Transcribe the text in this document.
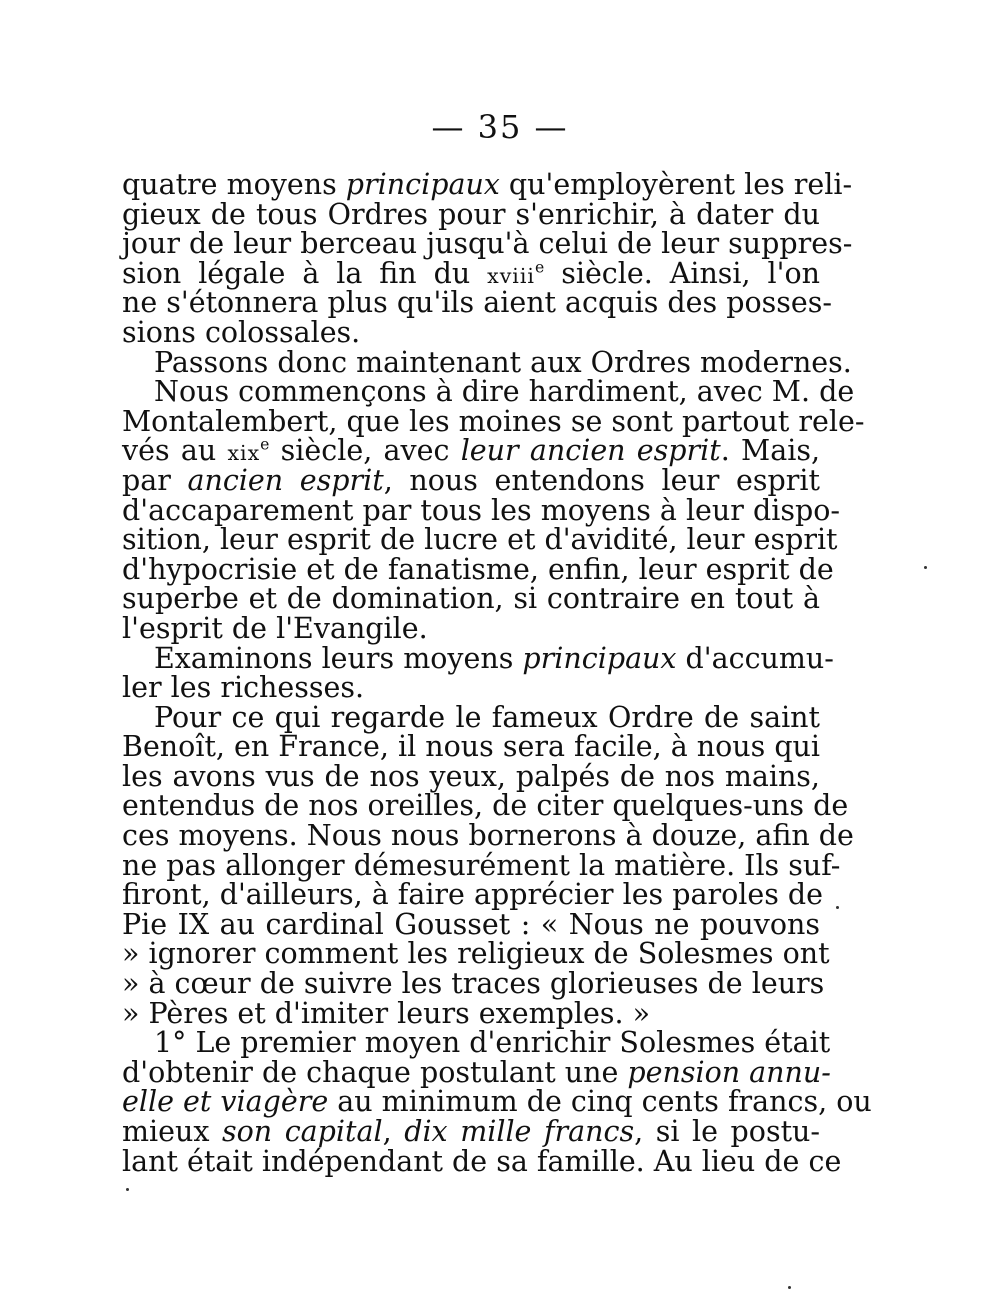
— 35 —
quatre moyens principaux qu'employèrent les reli-
gieux de tous Ordres pour s'enrichir, à dater du
jour de leur berceau jusqu'à celui de leur suppres-
sion légale à la fin du xviii$^e$ siècle. Ainsi, l'on
ne s'étonnera plus qu'ils aient acquis des posses-
sions colossales.
Passons donc maintenant aux Ordres modernes.
Nous commençons à dire hardiment, avec M. de
Montalembert, que les moines se sont partout rele-
vés au xix$^e$ siècle, avec leur ancien esprit. Mais,
par ancien esprit, nous entendons leur esprit
d'accaparement par tous les moyens à leur dispo-
sition, leur esprit de lucre et d'avidité, leur esprit
d'hypocrisie et de fanatisme, enfin, leur esprit de
superbe et de domination, si contraire en tout à
l'esprit de l'Evangile.
Examinons leurs moyens principaux d'accumu-
ler les richesses.
Pour ce qui regarde le fameux Ordre de saint
Benoît, en France, il nous sera facile, à nous qui
les avons vus de nos yeux, palpés de nos mains,
entendus de nos oreilles, de citer quelques-uns de
ces moyens. Nous nous bornerons à douze, afin de
ne pas allonger démesurément la matière. Ils suf-
firont, d'ailleurs, à faire apprécier les paroles de
Pie IX au cardinal Gousset : « Nous ne pouvons
» ignorer comment les religieux de Solesmes ont
» à cœur de suivre les traces glorieuses de leurs
» Pères et d'imiter leurs exemples. »
1° Le premier moyen d'enrichir Solesmes était
d'obtenir de chaque postulant une pension annu-
elle et viagère au minimum de cinq cents francs, ou
mieux son capital, dix mille francs, si le postu-
lant était indépendant de sa famille. Au lieu de ce
